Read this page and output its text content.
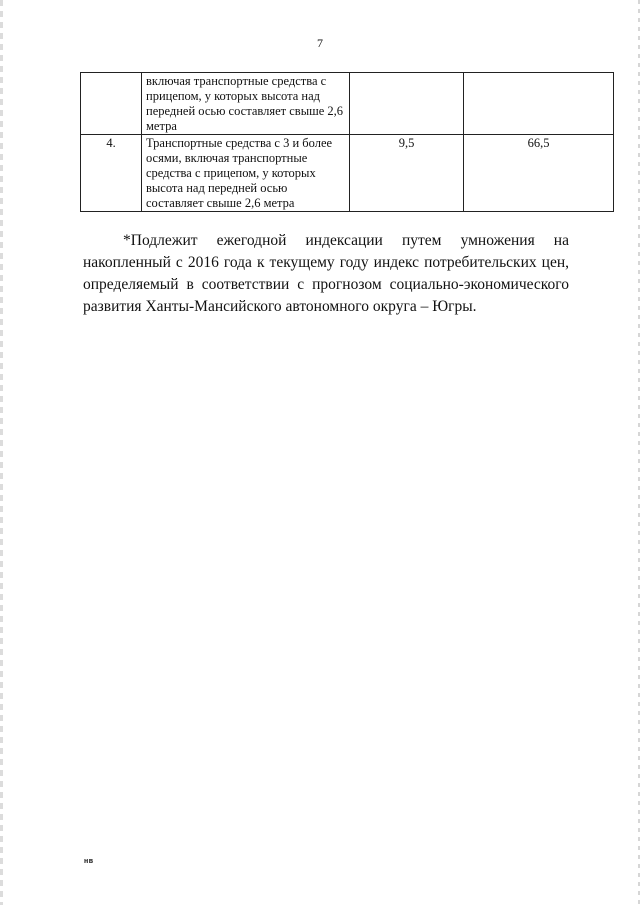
7

	включая транспортные средства с
прицепом, у которых высота над
передней осью составляет свыше 2,6
метра		

4.	Транспортные средства с 3 и более
осями, включая транспортные
средства с прицепом, у которых
высота над передней осью
составляет свыше 2,6 метра	9,5	66,5
*Подлежит ежегодной индексации путем умножения на
накопленный с 2016 года к текущему году индекс потребительских цен,
определяемый в соответствии с прогнозом социально-экономического
развития Ханты-Мансийского автономного округа – Югры.
нв
